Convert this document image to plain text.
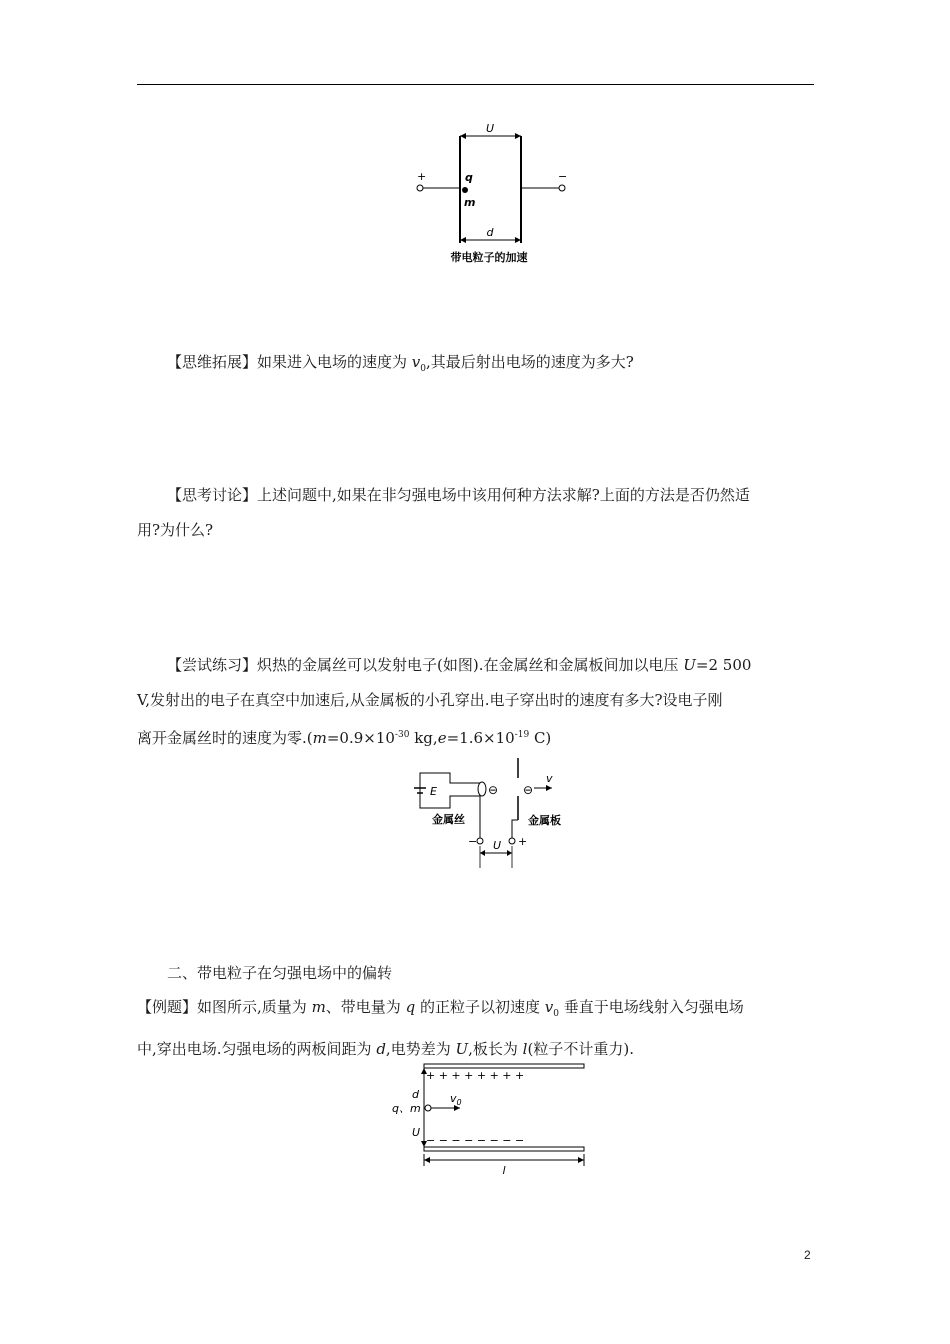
U
+	−
q
m
d
带电粒子的加速

【思维拓展】如果进入电场的速度为 $v_0$,其最后射出电场的速度为多大?

【思考讨论】上述问题中,如果在非匀强电场中该用何种方法求解?上面的方法是否仍然适
用?为什么?

【尝试练习】炽热的金属丝可以发射电子(如图).在金属丝和金属板间加以电压 U=2 500
V,发射出的电子在真空中加速后,从金属板的小孔穿出.电子穿出时的速度有多大?设电子刚
离开金属丝时的速度为零$.(m=0.9\times 10^{-30}$ $kg,e=1.6\times 10^{-19}$ C)

E	⊖
−	+
⊖
v
金属丝	金属板
U

二、带电粒子在匀强电场中的偏转

【例题】如图所示,质量为 m、带电量为 q 的正粒子以初速度 $v_0$ 垂直于电场线射入匀强电场
中,穿出电场.匀强电场的两板间距为 d,电势差为 U,板长为 l(粒子不计重力).

+ + + + + + + +
− − − − − − − −
d
q、m
U
$v_0$
l
2
